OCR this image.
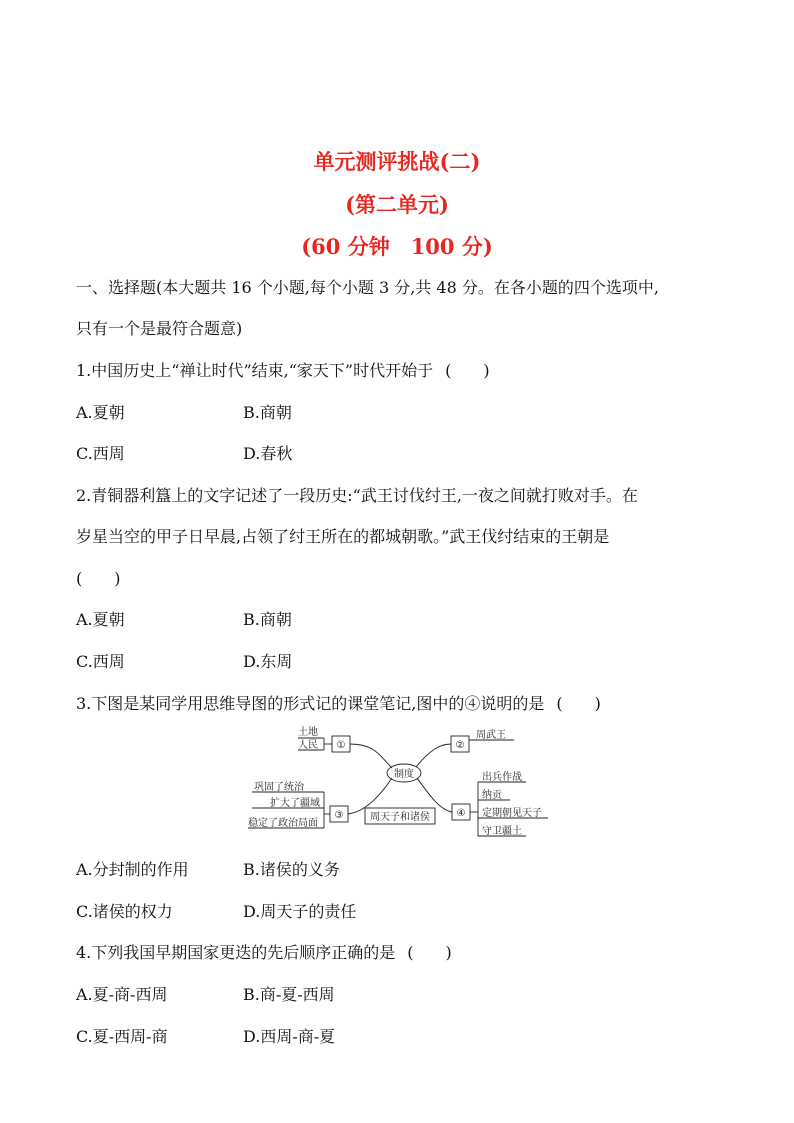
单元测评挑战(二)
(第二单元)
(60 分钟　100 分)
一、选择题(本大题共 16 个小题,每个小题 3 分,共 48 分。在各小题的四个选项中,
只有一个是最符合题意)
1.中国历史上“禅让时代”结束,“家天下”时代开始于 (　　)
A.夏朝	B.商朝
C.西周	D.春秋
2.青铜器利簋上的文字记述了一段历史:“武王讨伐纣王,一夜之间就打败对手。在
岁星当空的甲子日早晨,占领了纣王所在的都城朝歌。”武王伐纣结束的王朝是
(　　)
A.夏朝	B.商朝
C.西周	D.东周
3.下图是某同学用思维导图的形式记的课堂笔记,图中的④说明的是 (　　)
土地
人民 ①
制度
②
周武王
巩固了统治
扩大了疆域
稳定了政治局面
③	周天子和诸侯	④
出兵作战
纳贡
定期朝见天子
守卫疆土
A.分封制的作用	B.诸侯的义务
C.诸侯的权力	D.周天子的责任
4.下列我国早期国家更迭的先后顺序正确的是 (　　)
A.夏-商-西周	B.商-夏-西周
C.夏-西周-商	D.西周-商-夏
